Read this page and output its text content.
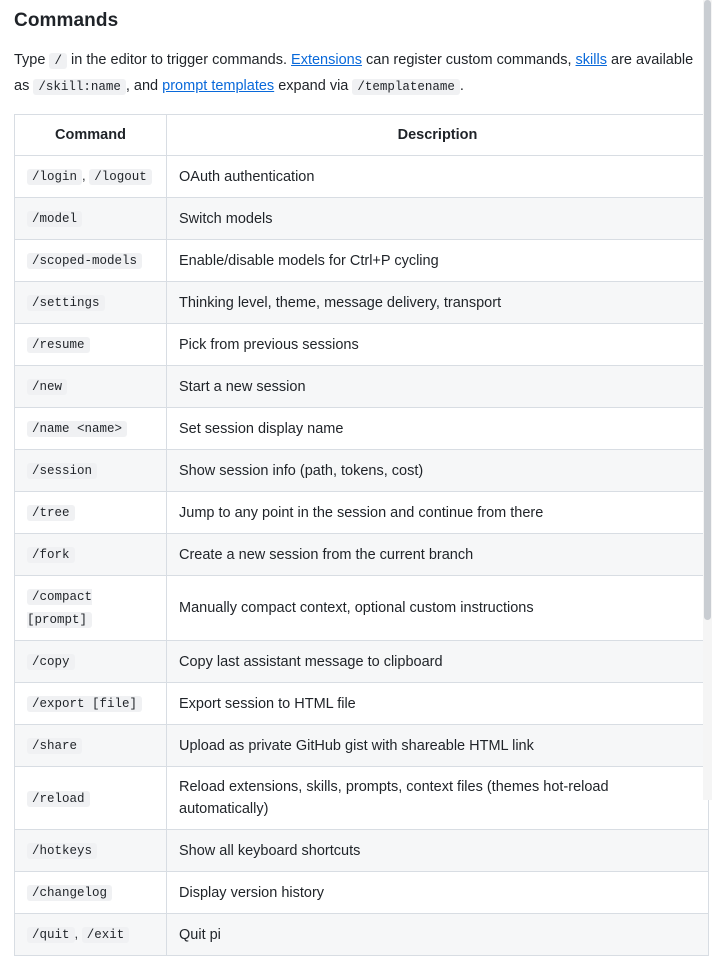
Commands

Type / in the editor to trigger commands. Extensions can register custom commands, skills are available as /skill:name , and prompt templates expand via /templatename .

Command	Description
/login , /logout	OAuth authentication
/model	Switch models
/scoped-models	Enable/disable models for Ctrl+P cycling
/settings	Thinking level, theme, message delivery, transport
/resume	Pick from previous sessions
/new	Start a new session
/name <name>	Set session display name
/session	Show session info (path, tokens, cost)
/tree	Jump to any point in the session and continue from there
/fork	Create a new session from the current branch
/compact [prompt]	Manually compact context, optional custom instructions
/copy	Copy last assistant message to clipboard
/export [file]	Export session to HTML file
/share	Upload as private GitHub gist with shareable HTML link
/reload	Reload extensions, skills, prompts, context files (themes hot-reload automatically)
/hotkeys	Show all keyboard shortcuts
/changelog	Display version history
/quit , /exit	Quit pi
